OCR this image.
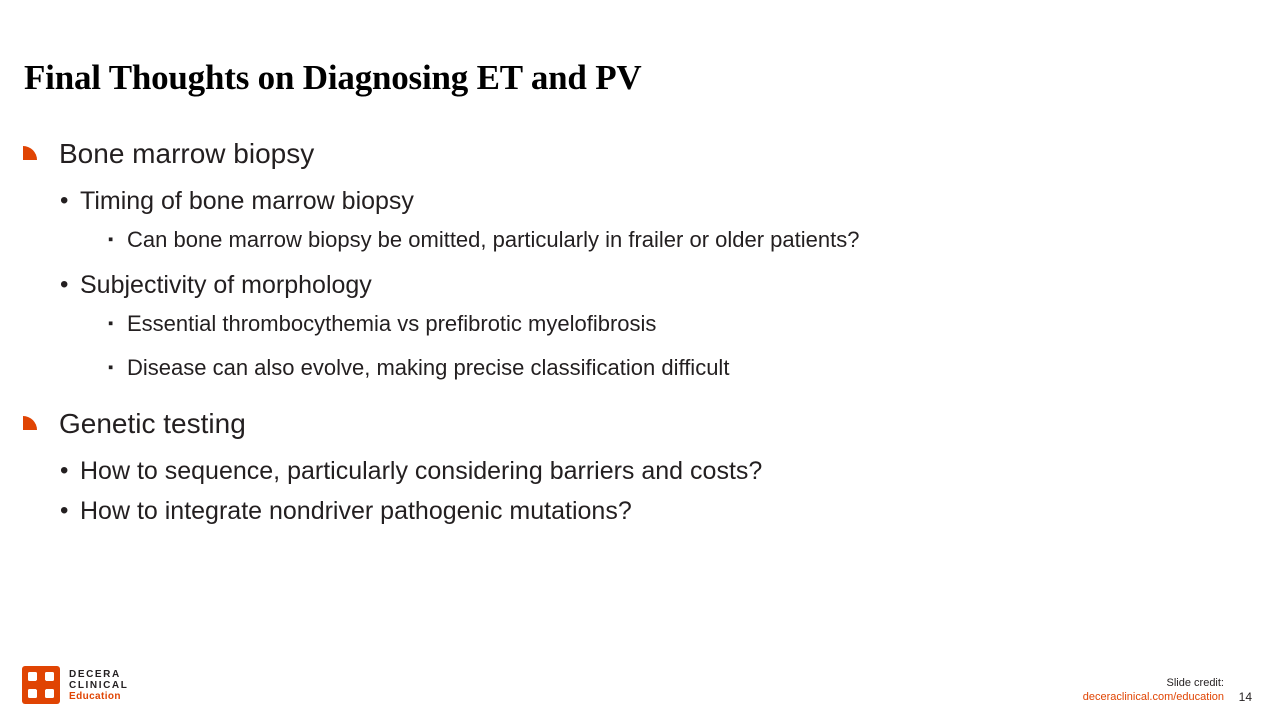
Final Thoughts on Diagnosing ET and PV
Bone marrow biopsy
• Timing of bone marrow biopsy
▪ Can bone marrow biopsy be omitted, particularly in frailer or older patients?
• Subjectivity of morphology
▪ Essential thrombocythemia vs prefibrotic myelofibrosis
▪ Disease can also evolve, making precise classification difficult
Genetic testing
• How to sequence, particularly considering barriers and costs?
• How to integrate nondriver pathogenic mutations?
DECERA
CLINICAL
Education
Slide credit:
deceraclinical.com/education 14
